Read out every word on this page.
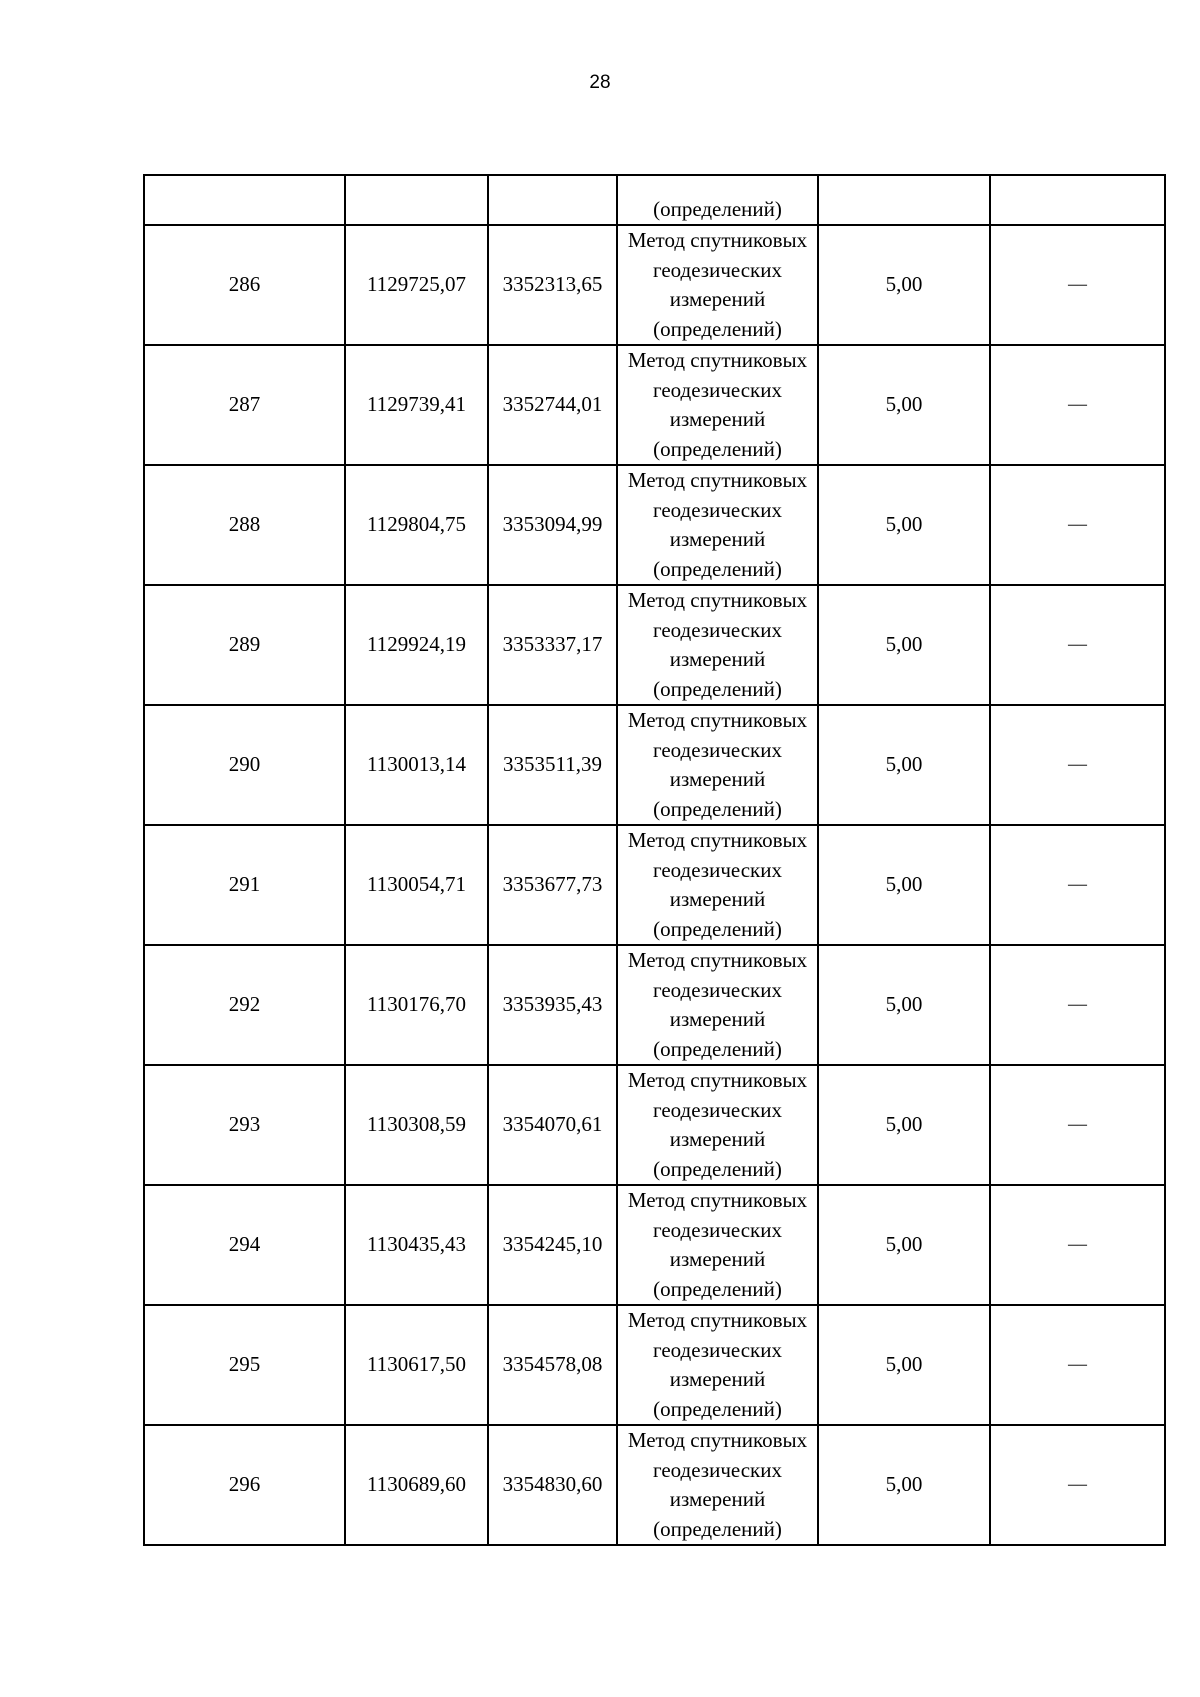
28
			(определений)		
286	1129725,07	3352313,65	Метод спутниковых
геодезических
измерений
(определений)	5,00	—
287	1129739,41	3352744,01	Метод спутниковых
геодезических
измерений
(определений)	5,00	—
288	1129804,75	3353094,99	Метод спутниковых
геодезических
измерений
(определений)	5,00	—
289	1129924,19	3353337,17	Метод спутниковых
геодезических
измерений
(определений)	5,00	—
290	1130013,14	3353511,39	Метод спутниковых
геодезических
измерений
(определений)	5,00	—
291	1130054,71	3353677,73	Метод спутниковых
геодезических
измерений
(определений)	5,00	—
292	1130176,70	3353935,43	Метод спутниковых
геодезических
измерений
(определений)	5,00	—
293	1130308,59	3354070,61	Метод спутниковых
геодезических
измерений
(определений)	5,00	—
294	1130435,43	3354245,10	Метод спутниковых
геодезических
измерений
(определений)	5,00	—
295	1130617,50	3354578,08	Метод спутниковых
геодезических
измерений
(определений)	5,00	—
296	1130689,60	3354830,60	Метод спутниковых
геодезических
измерений
(определений)	5,00	—
